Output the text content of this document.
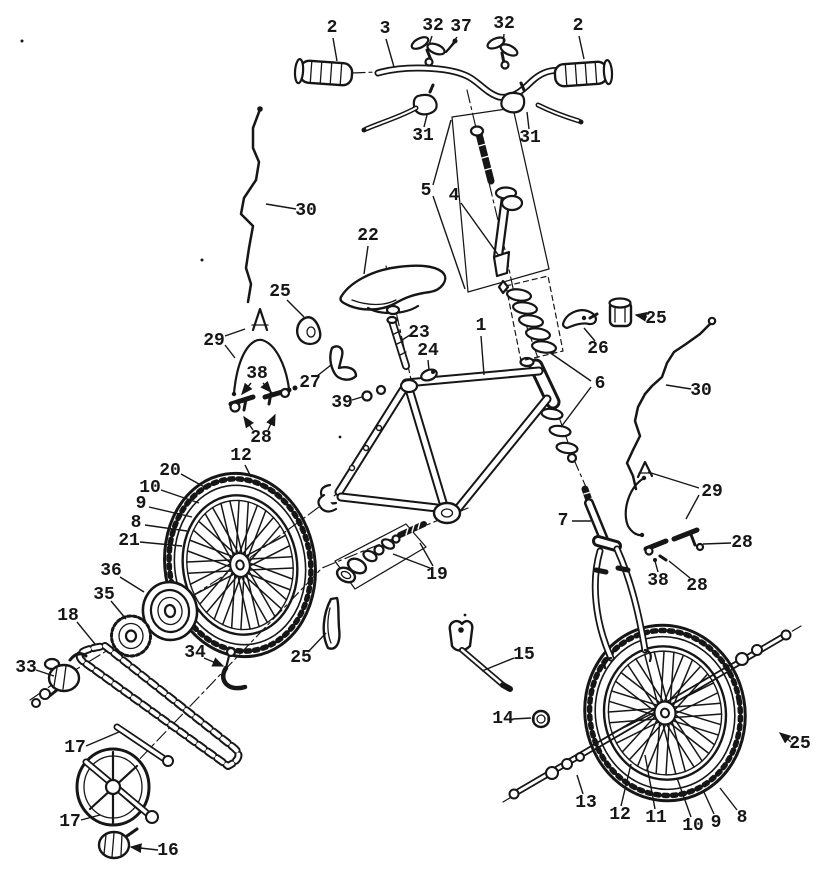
2 3 32 37 32	2
31	31
5 4
30
22
25
29
27
38
28
23
24
39
1
6
26
25
30
29
7
28
38 28
19
20
10
9
8
21
12
36
35
18
33
34	25
17
17
16
15
14
13
12 11 10 9 8
25
